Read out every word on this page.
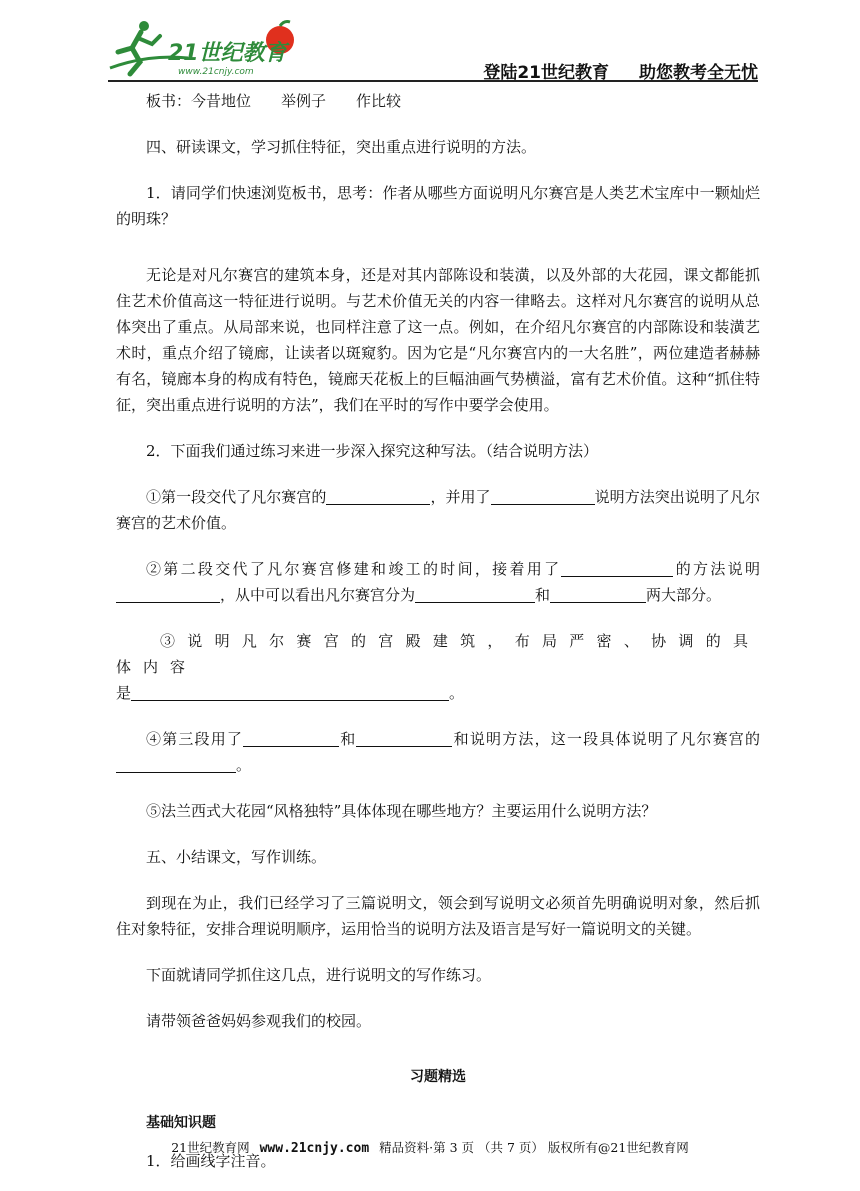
21世纪教育
www.21cnjy.com	登陆21世纪教育 助您教考全无忧

板书：今昔地位　　举例子　　作比较

四、研读课文，学习抓住特征，突出重点进行说明的方法。

1．请同学们快速浏览板书，思考：作者从哪些方面说明凡尔赛宫是人类艺术宝库中一颗灿烂的明珠？

无论是对凡尔赛宫的建筑本身，还是对其内部陈设和装潢，以及外部的大花园，课文都能抓住艺术价值高这一特征进行说明。与艺术价值无关的内容一律略去。这样对凡尔赛宫的说明从总体突出了重点。从局部来说，也同样注意了这一点。例如，在介绍凡尔赛宫的内部陈设和装潢艺术时，重点介绍了镜廊，让读者以斑窥豹。因为它是“凡尔赛宫内的一大名胜”，两位建造者赫赫有名，镜廊本身的构成有特色，镜廊天花板上的巨幅油画气势横溢，富有艺术价值。这种“抓住特征，突出重点进行说明的方法”，我们在平时的写作中要学会使用。

2．下面我们通过练习来进一步深入探究这种写法。（结合说明方法）

①第一段交代了凡尔赛宫的	，并用了	说明方法突出说明了凡尔赛宫的艺术价值。

②第二段交代了凡尔赛宫修建和竣工的时间，接着用了	的方法说明，从中可以看出凡尔赛宫分为	和	两大部分。

③说明凡尔赛宫的宫殿建筑，布局严密、协调的具体内容
是	。

④第三段用了	和	和说明方法，这一段具体说明了凡尔赛宫的。

⑤法兰西式大花园“风格独特”具体体现在哪些地方？主要运用什么说明方法？

五、小结课文，写作训练。

到现在为止，我们已经学习了三篇说明文，领会到写说明文必须首先明确说明对象，然后抓住对象特征，安排合理说明顺序，运用恰当的说明方法及语言是写好一篇说明文的关键。

下面就请同学抓住这几点，进行说明文的写作练习。

请带领爸爸妈妈参观我们的校园。

习题精选

基础知识题

1．给画线字注音。

21世纪教育网 www.21cnjy.com 精品资料·第 3 页 （共 7 页） 版权所有@21世纪教育网
